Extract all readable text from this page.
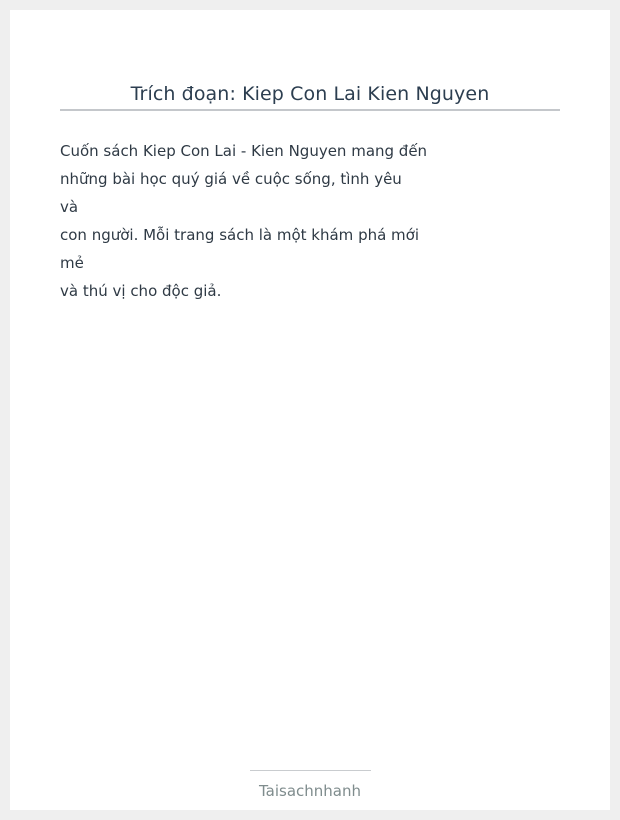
Trích đoạn: Kiep Con Lai Kien Nguyen
Cuốn sách Kiep Con Lai - Kien Nguyen mang đến
những bài học quý giá về cuộc sống, tình yêu
và
con người. Mỗi trang sách là một khám phá mới
mẻ
và thú vị cho độc giả.
Taisachnhanh
